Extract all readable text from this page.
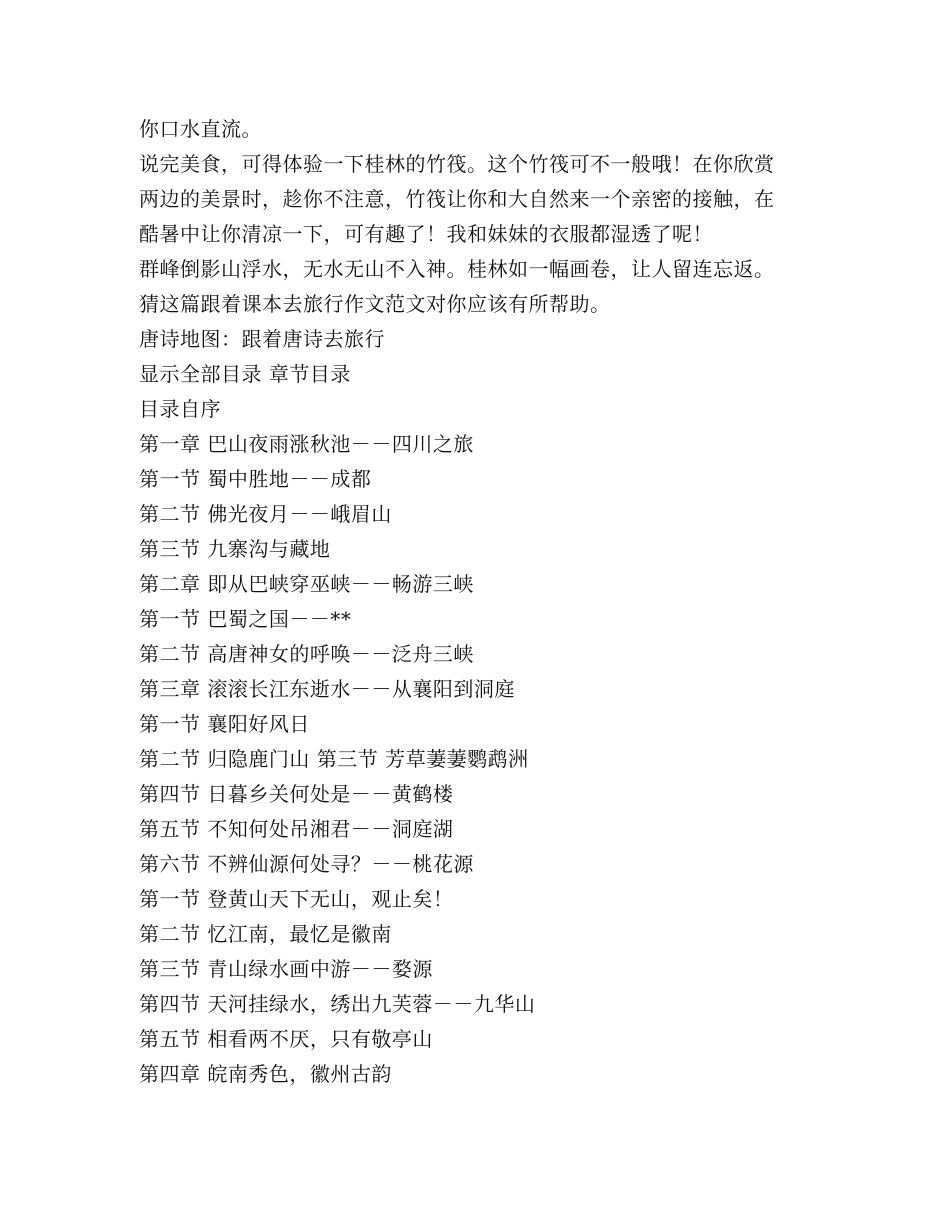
你口水直流。
说完美食，可得体验一下桂林的竹筏。这个竹筏可不一般哦！在你欣赏
两边的美景时，趁你不注意，竹筏让你和大自然来一个亲密的接触，在
酷暑中让你清凉一下，可有趣了！我和妹妹的衣服都湿透了呢！
群峰倒影山浮水，无水无山不入神。桂林如一幅画卷，让人留连忘返。
猜这篇跟着课本去旅行作文范文对你应该有所帮助。
唐诗地图：跟着唐诗去旅行
显示全部目录 章节目录
目录自序
第一章 巴山夜雨涨秋池－－四川之旅
第一节 蜀中胜地－－成都
第二节 佛光夜月－－峨眉山
第三节 九寨沟与藏地
第二章 即从巴峡穿巫峡－－畅游三峡
第一节 巴蜀之国－－**
第二节 高唐神女的呼唤－－泛舟三峡
第三章 滚滚长江东逝水－－从襄阳到洞庭
第一节 襄阳好风日
第二节 归隐鹿门山 第三节 芳草萋萋鹦鹉洲
第四节 日暮乡关何处是－－黄鹤楼
第五节 不知何处吊湘君－－洞庭湖
第六节 不辨仙源何处寻？－－桃花源
第一节 登黄山天下无山，观止矣！
第二节 忆江南，最忆是徽南
第三节 青山绿水画中游－－婺源
第四节 天河挂绿水，绣出九芙蓉－－九华山
第五节 相看两不厌，只有敬亭山
第四章 皖南秀色，徽州古韵
